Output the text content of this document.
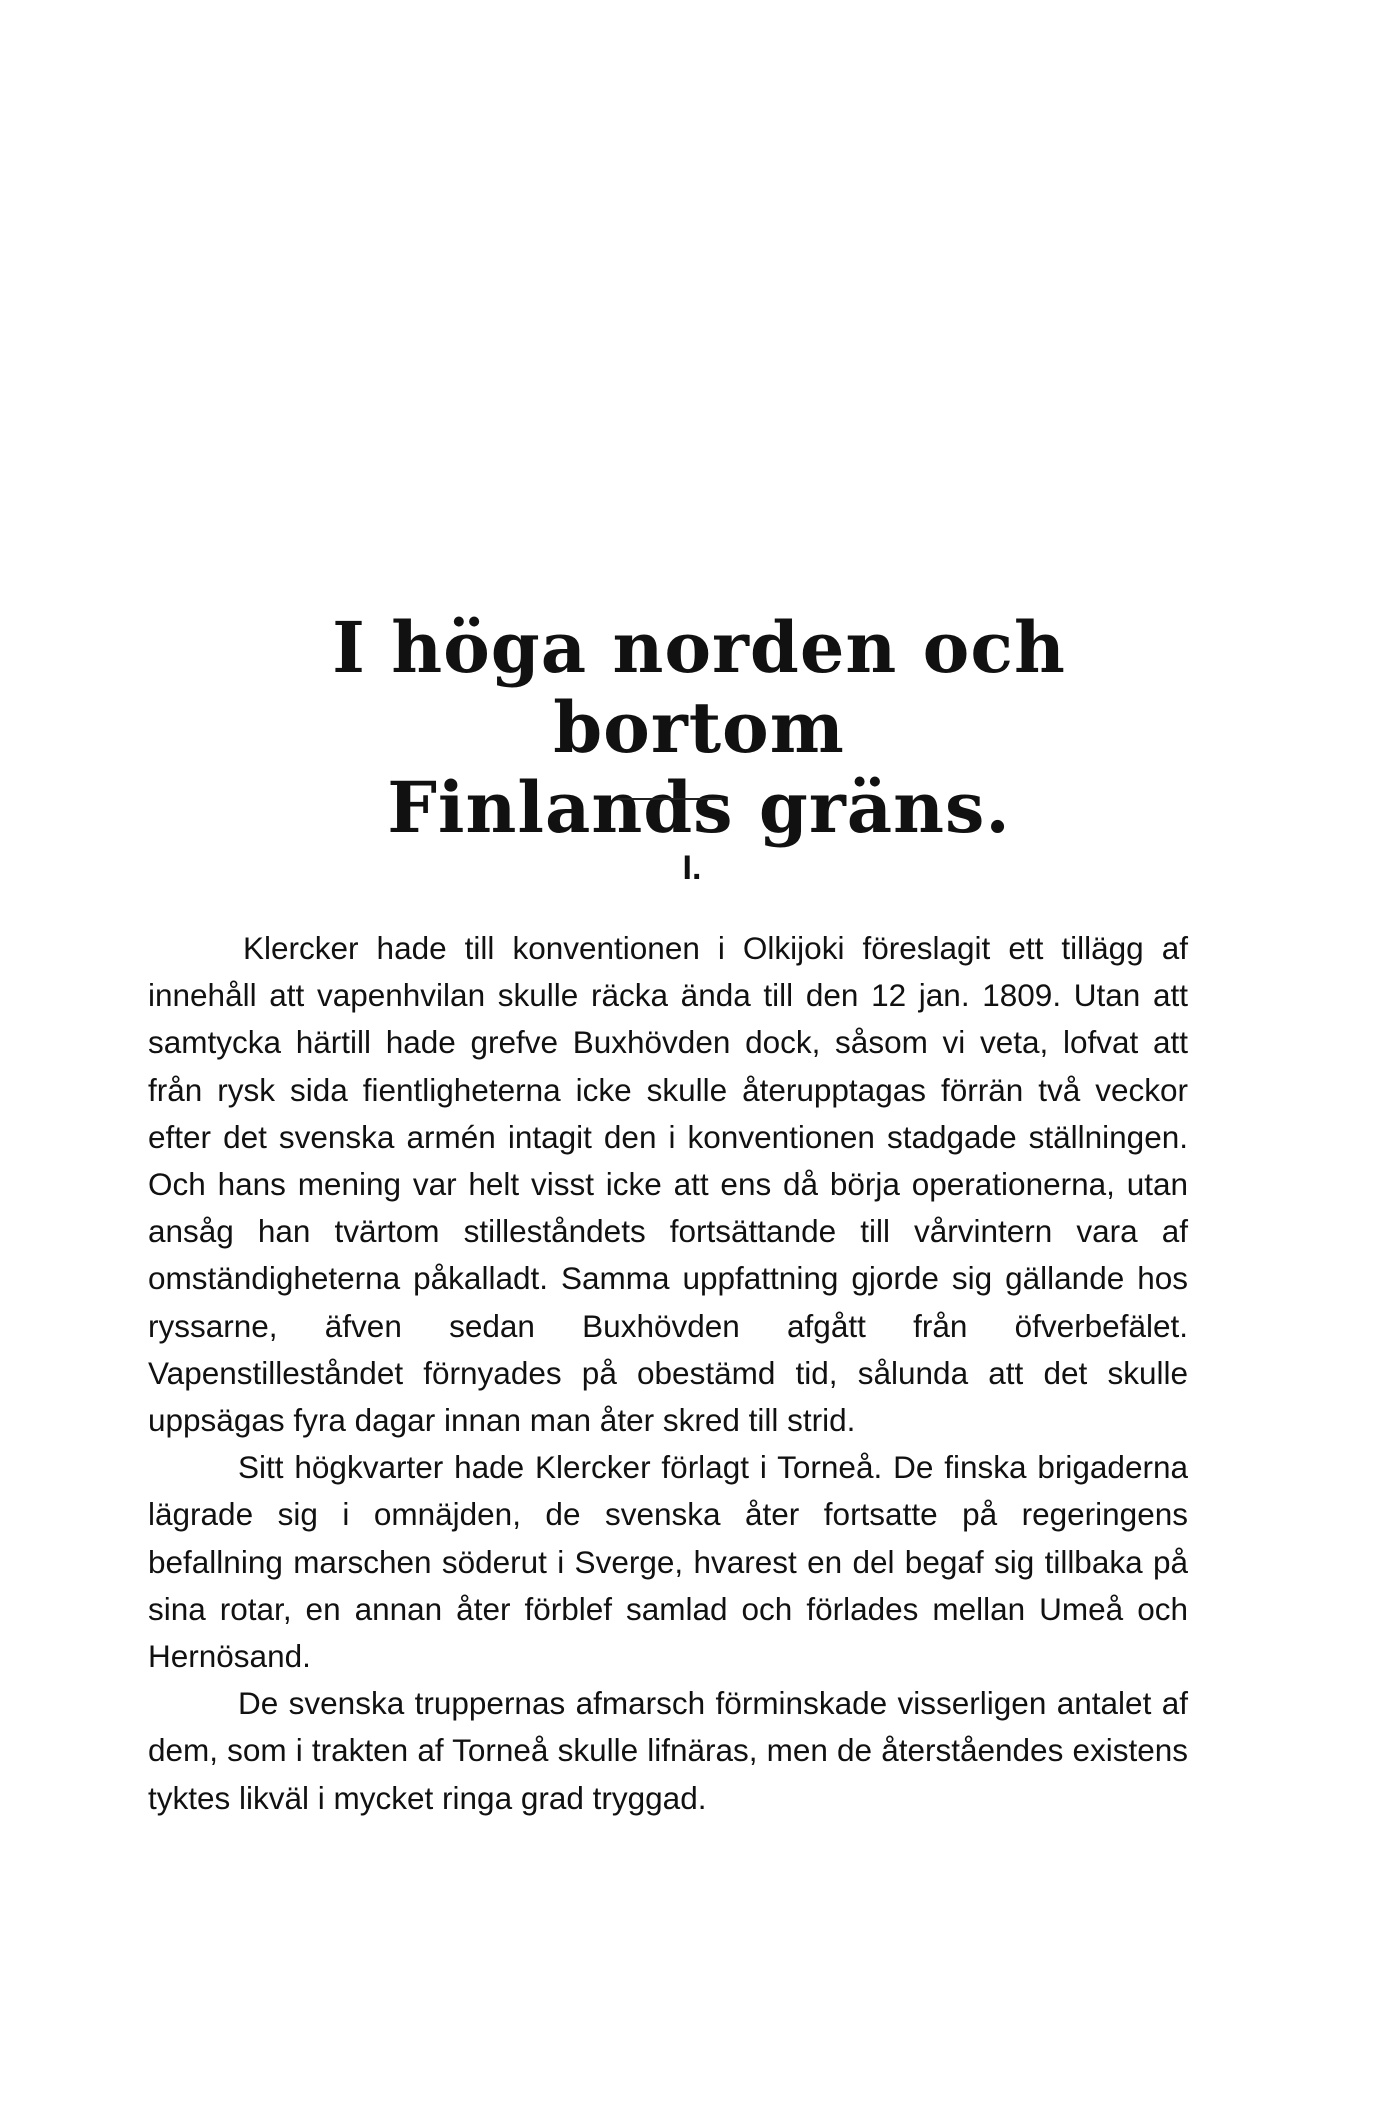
I höga norden och bortom
Finlands gräns.
I.

Klercker hade till konventionen i Olkijoki föreslagit ett tillägg af innehåll att vapenhvilan skulle räcka ända till den 12 jan. 1809. Utan att samtycka härtill hade grefve Buxhövden dock, såsom vi veta, lofvat att från rysk sida fientligheterna icke skulle återupptagas förrän två veckor efter det svenska armén intagit den i konventionen stadgade ställningen. Och hans mening var helt visst icke att ens då börja operationerna, utan ansåg han tvärtom stilleståndets fortsättande till vårvintern vara af omständigheterna påkalladt. Samma uppfattning gjorde sig gällande hos ryssarne, äfven sedan Buxhövden afgått från öfverbefälet. Vapenstilleståndet förnyades på obestämd tid, sålunda att det skulle uppsägas fyra dagar innan man åter skred till strid.

Sitt högkvarter hade Klercker förlagt i Torneå. De finska brigaderna lägrade sig i omnäjden, de svenska åter fortsatte på regeringens befallning marschen söderut i Sverge, hvarest en del begaf sig tillbaka på sina rotar, en annan åter förblef samlad och förlades mellan Umeå och Hernösand.

De svenska truppernas afmarsch förminskade visserligen antalet af dem, som i trakten af Torneå skulle lifnäras, men de återståendes existens tyktes likväl i mycket ringa grad tryggad.
